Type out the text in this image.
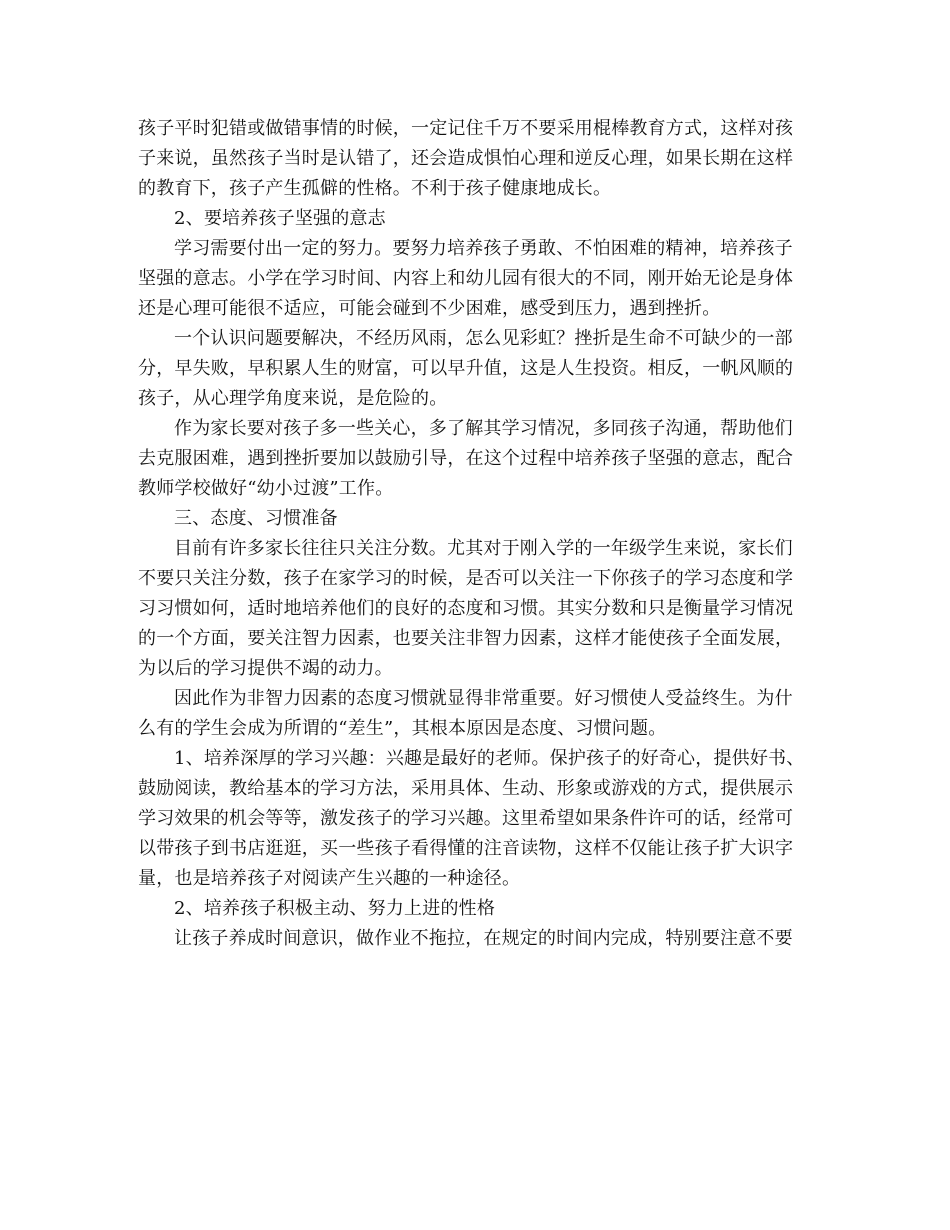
孩子平时犯错或做错事情的时候，一定记住千万不要采用棍棒教育方式，这样对孩
子来说，虽然孩子当时是认错了，还会造成惧怕心理和逆反心理，如果长期在这样
的教育下，孩子产生孤僻的性格。不利于孩子健康地成长。
2、要培养孩子坚强的意志
学习需要付出一定的努力。要努力培养孩子勇敢、不怕困难的精神，培养孩子
坚强的意志。小学在学习时间、内容上和幼儿园有很大的不同，刚开始无论是身体
还是心理可能很不适应，可能会碰到不少困难，感受到压力，遇到挫折。
一个认识问题要解决，不经历风雨，怎么见彩虹？挫折是生命不可缺少的一部
分，早失败，早积累人生的财富，可以早升值，这是人生投资。相反，一帆风顺的
孩子，从心理学角度来说，是危险的。
作为家长要对孩子多一些关心，多了解其学习情况，多同孩子沟通，帮助他们
去克服困难，遇到挫折要加以鼓励引导，在这个过程中培养孩子坚强的意志，配合
教师学校做好“幼小过渡”工作。
三、态度、习惯准备
目前有许多家长往往只关注分数。尤其对于刚入学的一年级学生来说，家长们
不要只关注分数，孩子在家学习的时候，是否可以关注一下你孩子的学习态度和学
习习惯如何，适时地培养他们的良好的态度和习惯。其实分数和只是衡量学习情况
的一个方面，要关注智力因素，也要关注非智力因素，这样才能使孩子全面发展，
为以后的学习提供不竭的动力。
因此作为非智力因素的态度习惯就显得非常重要。好习惯使人受益终生。为什
么有的学生会成为所谓的“差生”，其根本原因是态度、习惯问题。
1、培养深厚的学习兴趣：兴趣是最好的老师。保护孩子的好奇心，提供好书、
鼓励阅读，教给基本的学习方法，采用具体、生动、形象或游戏的方式，提供展示
学习效果的机会等等，激发孩子的学习兴趣。这里希望如果条件许可的话，经常可
以带孩子到书店逛逛，买一些孩子看得懂的注音读物，这样不仅能让孩子扩大识字
量，也是培养孩子对阅读产生兴趣的一种途径。
2、培养孩子积极主动、努力上进的性格
让孩子养成时间意识，做作业不拖拉，在规定的时间内完成，特别要注意不要
